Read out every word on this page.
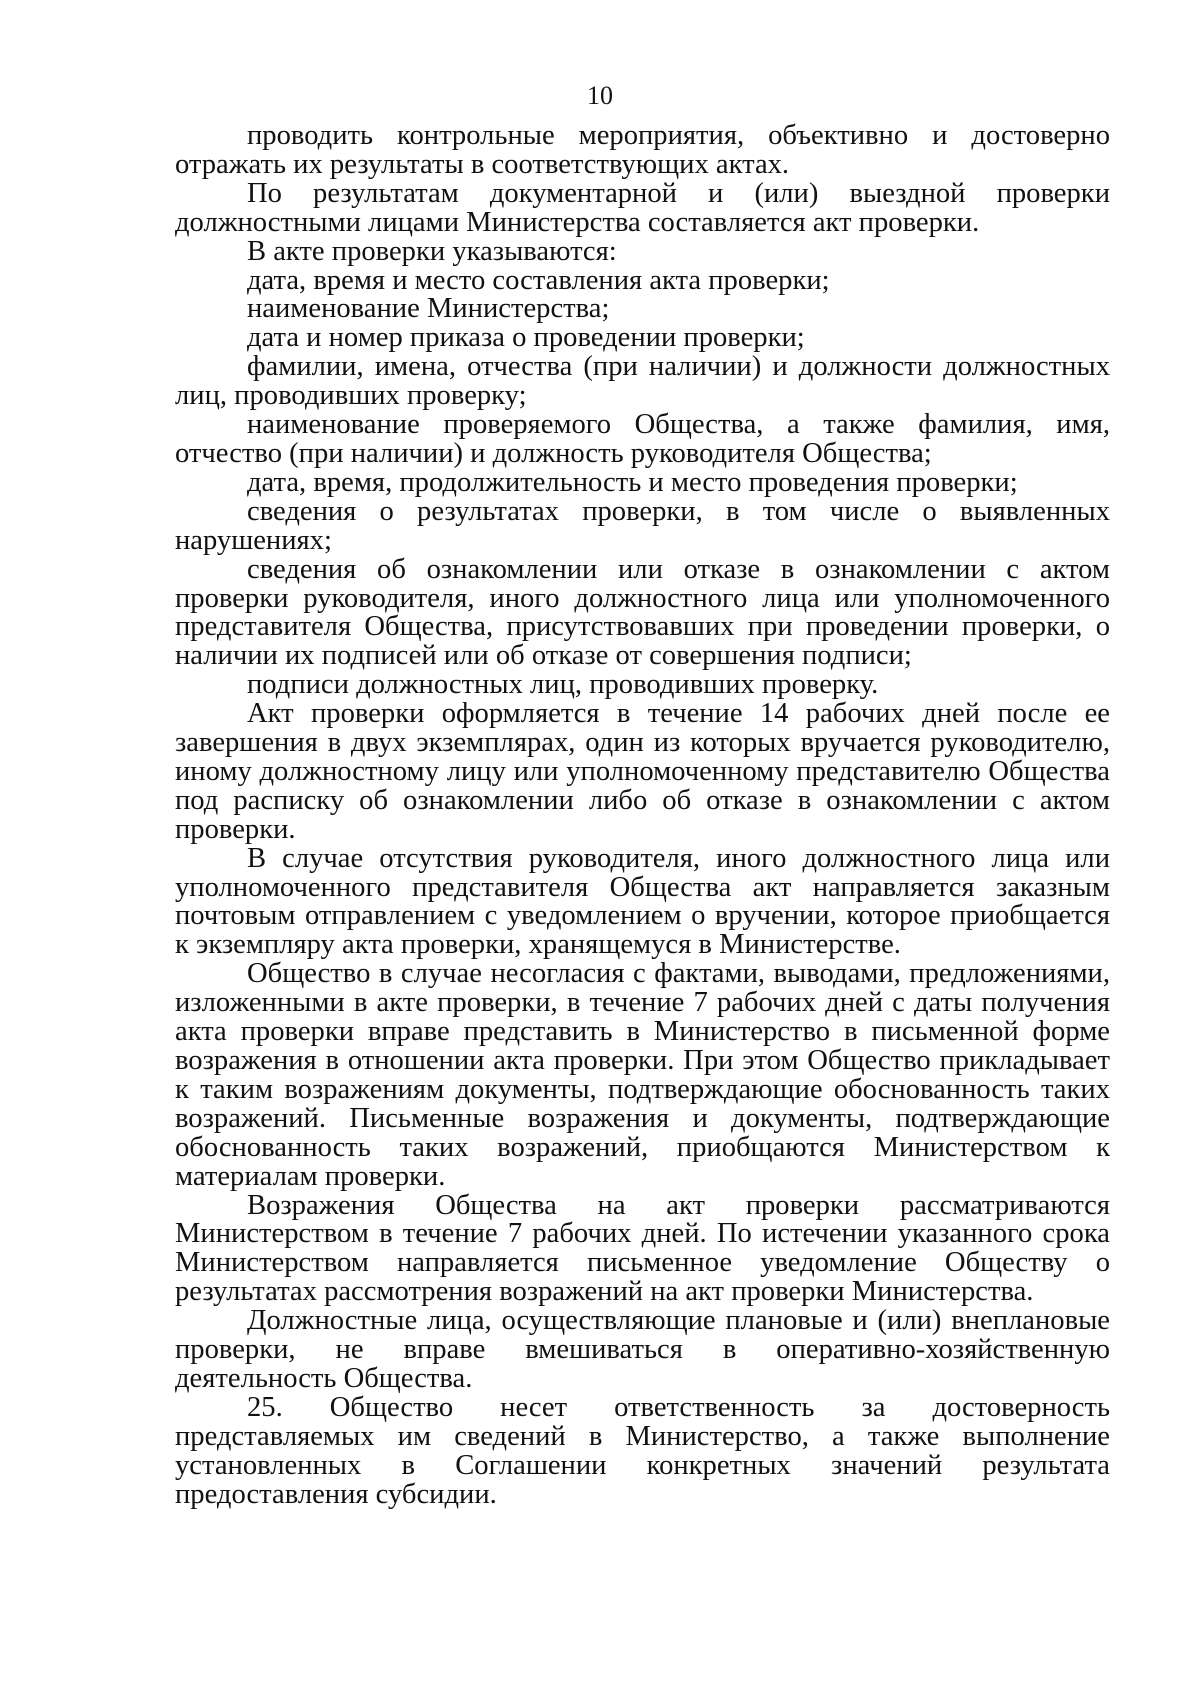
10

проводить контрольные мероприятия, объективно и достоверно отражать их результаты в соответствующих актах.

По результатам документарной и (или) выездной проверки должностными лицами Министерства составляется акт проверки.

В акте проверки указываются:

дата, время и место составления акта проверки;

наименование Министерства;

дата и номер приказа о проведении проверки;

фамилии, имена, отчества (при наличии) и должности должностных лиц, проводивших проверку;

наименование проверяемого Общества, а также фамилия, имя, отчество (при наличии) и должность руководителя Общества;

дата, время, продолжительность и место проведения проверки;

сведения о результатах проверки, в том числе о выявленных нарушениях;

сведения об ознакомлении или отказе в ознакомлении с актом проверки руководителя, иного должностного лица или уполномоченного представителя Общества, присутствовавших при проведении проверки, о наличии их подписей или об отказе от совершения подписи;

подписи должностных лиц, проводивших проверку.

Акт проверки оформляется в течение 14 рабочих дней после ее завершения в двух экземплярах, один из которых вручается руководителю, иному должностному лицу или уполномоченному представителю Общества под расписку об ознакомлении либо об отказе в ознакомлении с актом проверки.

В случае отсутствия руководителя, иного должностного лица или уполномоченного представителя Общества акт направляется заказным почтовым отправлением с уведомлением о вручении, которое приобщается к экземпляру акта проверки, хранящемуся в Министерстве.

Общество в случае несогласия с фактами, выводами, предложениями, изложенными в акте проверки, в течение 7 рабочих дней с даты получения акта проверки вправе представить в Министерство в письменной форме возражения в отношении акта проверки. При этом Общество прикладывает к таким возражениям документы, подтверждающие обоснованность таких возражений. Письменные возражения и документы, подтверждающие обоснованность таких возражений, приобщаются Министерством к материалам проверки.

Возражения Общества на акт проверки рассматриваются Министерством в течение 7 рабочих дней. По истечении указанного срока Министерством направляется письменное уведомление Обществу о результатах рассмотрения возражений на акт проверки Министерства.

Должностные лица, осуществляющие плановые и (или) внеплановые проверки, не вправе вмешиваться в оперативно-хозяйственную деятельность Общества.

25. Общество несет ответственность за достоверность представляемых им сведений в Министерство, а также выполнение установленных в Соглашении конкретных значений результата предоставления субсидии.
